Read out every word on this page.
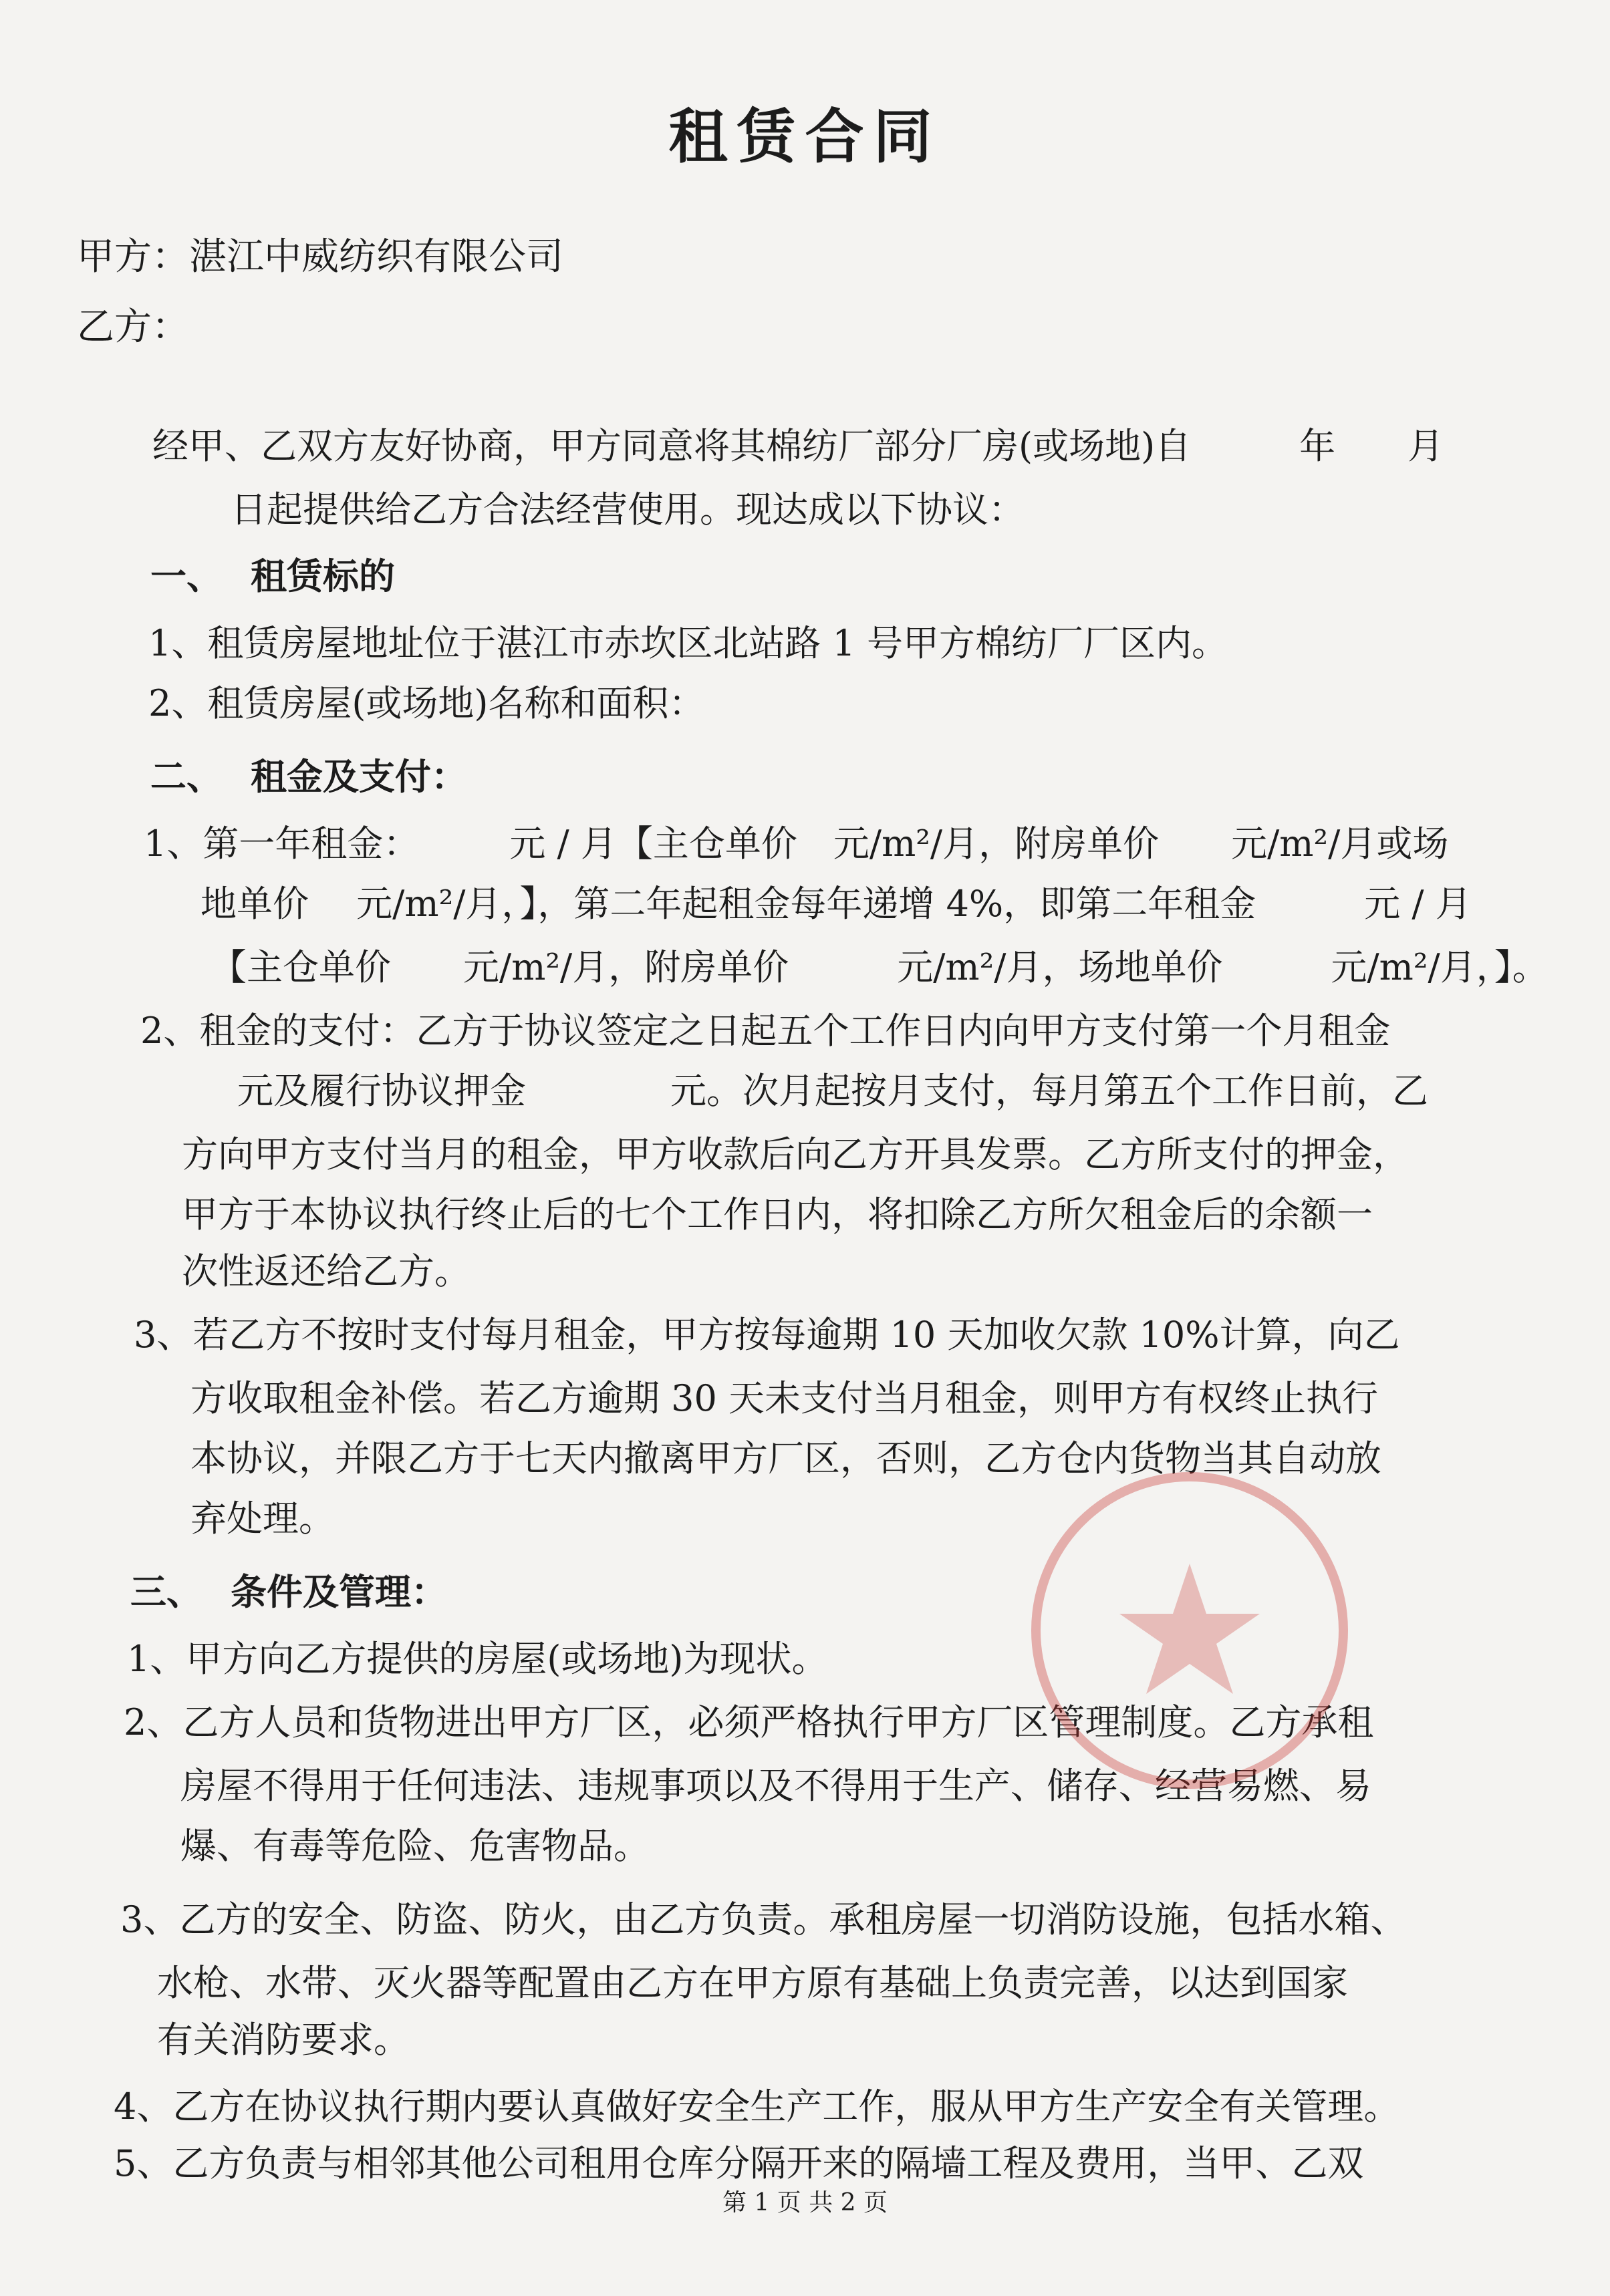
租赁合同
甲方：湛江中威纺织有限公司
乙方：
经甲、乙双方友好协商，甲方同意将其棉纺厂部分厂房(或场地)自　　　年　　月
日起提供给乙方合法经营使用。现达成以下协议：
一、 租赁标的
1、租赁房屋地址位于湛江市赤坎区北站路 1 号甲方棉纺厂厂区内。
2、租赁房屋(或场地)名称和面积：
二、 租金及支付：
1、第一年租金：　　　元 / 月【主仓单价　元/m²/月，附房单价　　元/m²/月或场
地单价　 元/m²/月，】，第二年起租金每年递增 4%，即第二年租金　　　元 / 月
【主仓单价　　元/m²/月，附房单价　　　元/m²/月，场地单价　　　元/m²/月，】。
2、租金的支付：乙方于协议签定之日起五个工作日内向甲方支付第一个月租金
元及履行协议押金　　　　元。次月起按月支付，每月第五个工作日前，乙
方向甲方支付当月的租金，甲方收款后向乙方开具发票。乙方所支付的押金，
甲方于本协议执行终止后的七个工作日内，将扣除乙方所欠租金后的余额一
次性返还给乙方。
3、若乙方不按时支付每月租金，甲方按每逾期 10 天加收欠款 10%计算，向乙
方收取租金补偿。若乙方逾期 30 天未支付当月租金，则甲方有权终止执行
本协议，并限乙方于七天内撤离甲方厂区，否则，乙方仓内货物当其自动放
弃处理。
三、 条件及管理：
1、甲方向乙方提供的房屋(或场地)为现状。
2、乙方人员和货物进出甲方厂区，必须严格执行甲方厂区管理制度。乙方承租
房屋不得用于任何违法、违规事项以及不得用于生产、储存、经营易燃、易
爆、有毒等危险、危害物品。
3、乙方的安全、防盗、防火，由乙方负责。承租房屋一切消防设施，包括水箱、
水枪、水带、灭火器等配置由乙方在甲方原有基础上负责完善，以达到国家
有关消防要求。
4、乙方在协议执行期内要认真做好安全生产工作，服从甲方生产安全有关管理。
5、乙方负责与相邻其他公司租用仓库分隔开来的隔墙工程及费用，当甲、乙双
第 1 页 共 2 页
